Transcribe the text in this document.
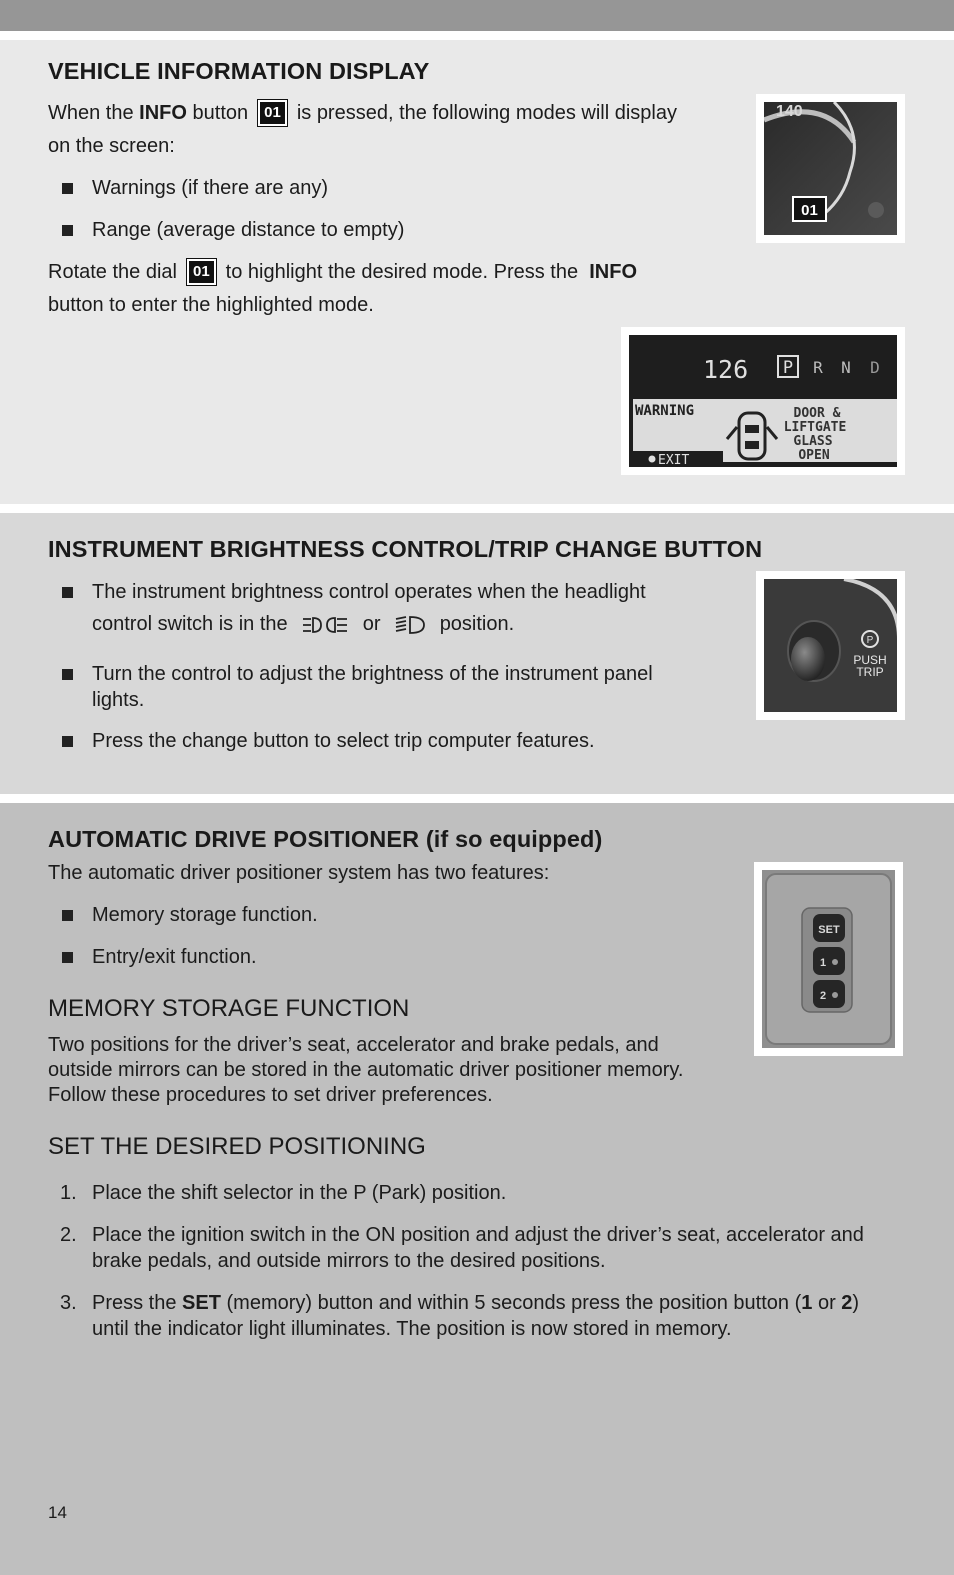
VEHICLE INFORMATION DISPLAY
When the INFO button 01 is pressed, the following modes will display
on the screen:
Warnings (if there are any)
Range (average distance to empty)
Rotate the dial 01 to highlight the desired mode. Press the INFO
button to enter the highlighted mode.
140
01
126 P R N D
WARNING	DOOR &
LIFTGATE
GLASS
OPEN
EXIT
INSTRUMENT BRIGHTNESS CONTROL/TRIP CHANGE BUTTON
The instrument brightness control operates when the headlight
control switch is in the	or	position.
Turn the control to adjust the brightness of the instrument panel
lights.
Press the change button to select trip computer features.
P
PUSH
TRIP
AUTOMATIC DRIVE POSITIONER (if so equipped)
The automatic driver positioner system has two features:
Memory storage function.
Entry/exit function.
MEMORY STORAGE FUNCTION
Two positions for the driver’s seat, accelerator and brake pedals, and
outside mirrors can be stored in the automatic driver positioner memory.
Follow these procedures to set driver preferences.
SET THE DESIRED POSITIONING
1. Place the shift selector in the P (Park) position.
2. Place the ignition switch in the ON position and adjust the driver’s seat, accelerator and
brake pedals, and outside mirrors to the desired positions.
3. Press the SET (memory) button and within 5 seconds press the position button (1 or 2)
until the indicator light illuminates. The position is now stored in memory.
SET
1
2
14
